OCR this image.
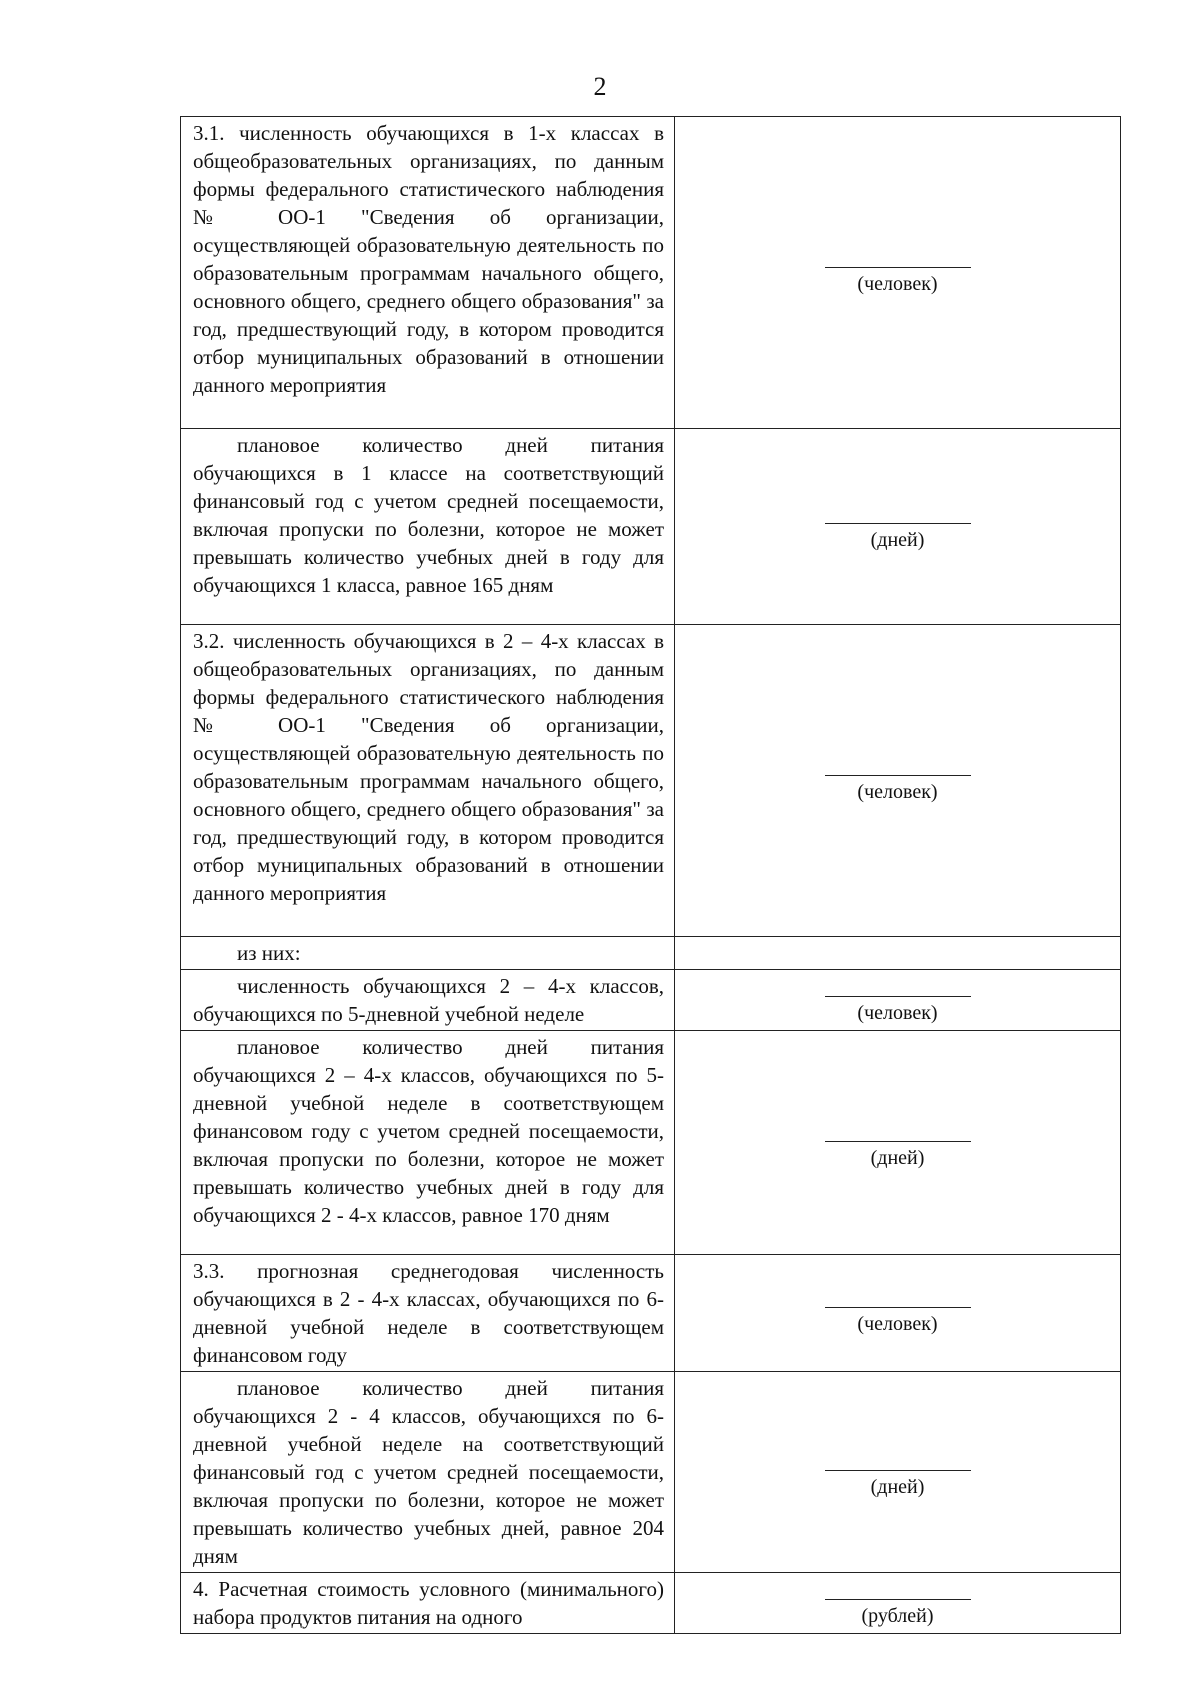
2
3.1. численность обучающихся в 1-х классах в общеобразовательных организациях, по данным формы федерального статистического наблюдения № ОО-1 "Сведения об организации, осуществляющей образовательную деятельность по образовательным программам начального общего, основного общего, среднего общего образования" за год, предшествующий году, в котором проводится отбор муниципальных образований в отношении данного мероприятия	(человек)

плановое количество дней питания обучающихся в 1 классе на соответствующий финансовый год с учетом средней посещаемости, включая пропуски по болезни, которое не может превышать количество учебных дней в году для обучающихся 1 класса, равное 165 дням	(дней)

3.2. численность обучающихся в 2 – 4-х классах в общеобразовательных организациях, по данным формы федерального статистического наблюдения № ОО-1 "Сведения об организации, осуществляющей образовательную деятельность по образовательным программам начального общего, основного общего, среднего общего образования" за год, предшествующий году, в котором проводится отбор муниципальных образований в отношении данного мероприятия	(человек)

из них:	
численность обучающихся 2 – 4-х классов, обучающихся по 5-дневной учебной неделе	(человек)

плановое количество дней питания обучающихся 2 – 4-х классов, обучающихся по 5-дневной учебной неделе в соответствующем финансовом году с учетом средней посещаемости, включая пропуски по болезни, которое не может превышать количество учебных дней в году для обучающихся 2 - 4-х классов, равное 170 дням	(дней)

3.3. прогнозная среднегодовая численность обучающихся в 2 - 4-х классах, обучающихся по 6-дневной учебной неделе в соответствующем финансовом году	(человек)

плановое количество дней питания обучающихся 2 - 4 классов, обучающихся по 6-дневной учебной неделе на соответствующий финансовый год с учетом средней посещаемости, включая пропуски по болезни, которое не может превышать количество учебных дней, равное 204 дням	(дней)

4. Расчетная стоимость условного (минимального) набора продуктов питания на одного	(рублей)
